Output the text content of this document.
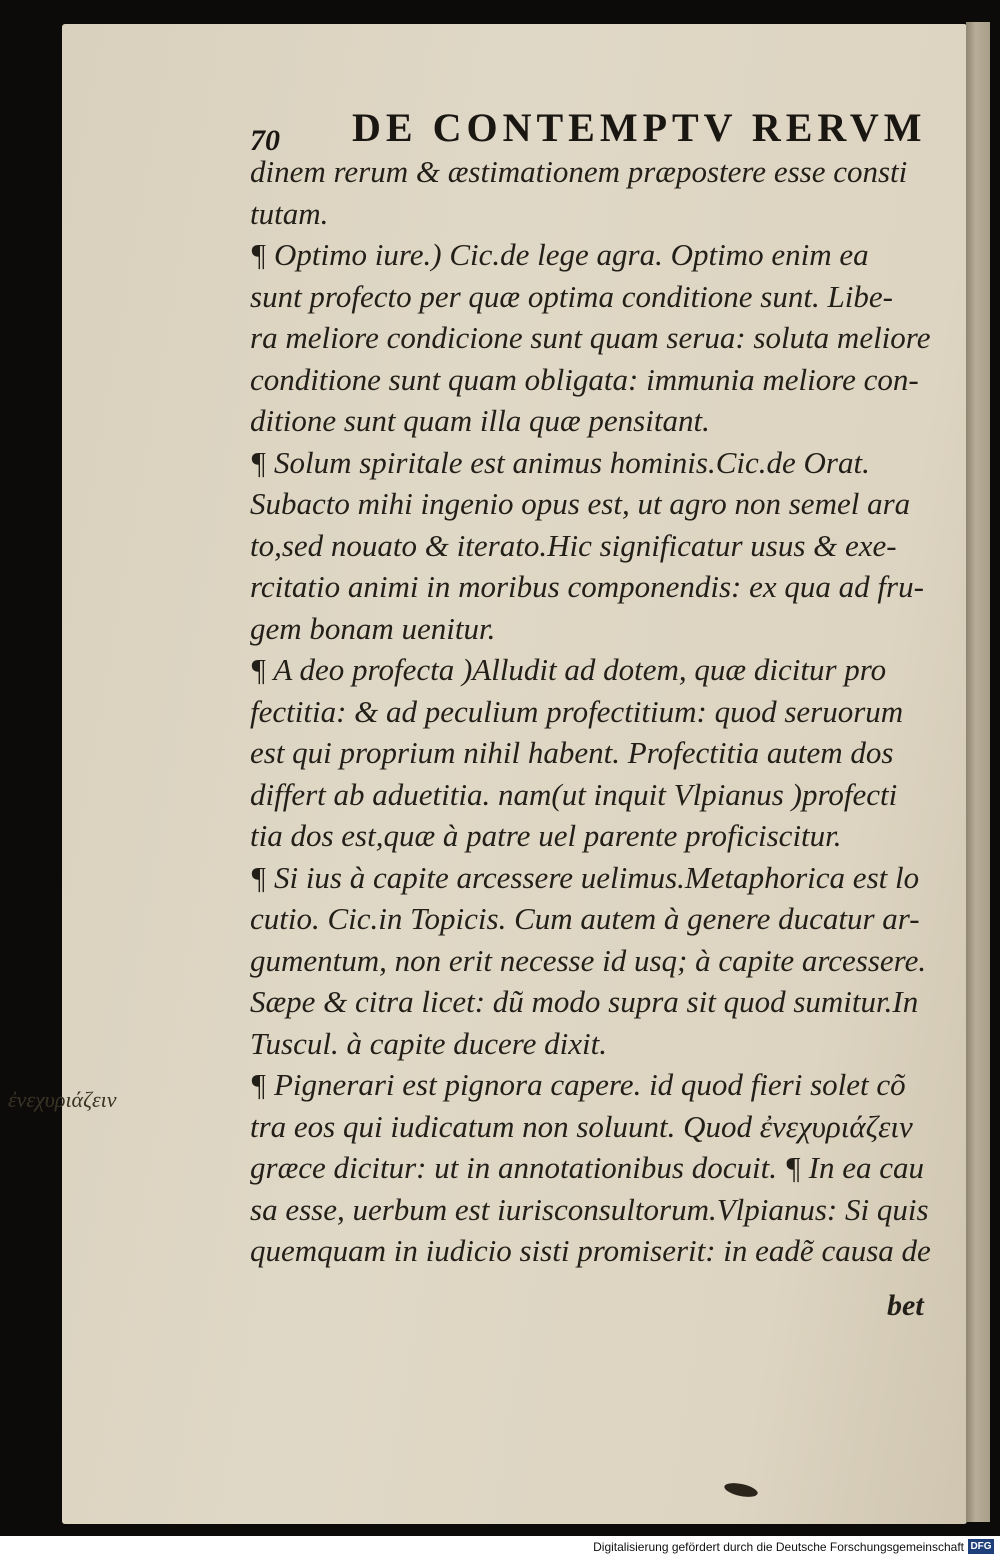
70 DE CONTEMPTV RERVM
dinem rerum & æstimationem præpostere esse consti
tutam.
¶ Optimo iure.) Cic.de lege agra. Optimo enim ea
sunt profecto per quæ optima conditione sunt. Libe-
ra meliore condicione sunt quam serua: soluta meliore
conditione sunt quam obligata: immunia meliore con-
ditione sunt quam illa quæ pensitant.
¶ Solum spiritale est animus hominis.Cic.de Orat.
Subacto mihi ingenio opus est, ut agro non semel ara
to,sed nouato & iterato.Hic significatur usus & exe-
rcitatio animi in moribus componendis: ex qua ad fru-
gem bonam uenitur.
¶ A deo profecta )Alludit ad dotem, quæ dicitur pro
fectitia: & ad peculium profectitium: quod seruorum
est qui proprium nihil habent. Profectitia autem dos
differt ab aduetitia. nam(ut inquit Vlpianus )profecti
tia dos est,quæ à patre uel parente proficiscitur.
¶ Si ius à capite arcessere uelimus.Metaphorica est lo
cutio. Cic.in Topicis. Cum autem à genere ducatur ar-
gumentum, non erit necesse id usq; à capite arcessere.
Sæpe & citra licet: dũ modo supra sit quod sumitur.In
Tuscul. à capite ducere dixit.
¶ Pignerari est pignora capere. id quod fieri solet cõ
tra eos qui iudicatum non soluunt. Quod ἐνεχυριάζειν
græce dicitur: ut in annotationibus docuit. ¶ In ea cau
sa esse, uerbum est iurisconsultorum.Vlpianus: Si quis
quemquam in iudicio sisti promiserit: in eadẽ causa de
bet
ἐνεχυριάζειν
Digitalisierung gefördert durch die Deutsche Forschungsgemeinschaft DFG
